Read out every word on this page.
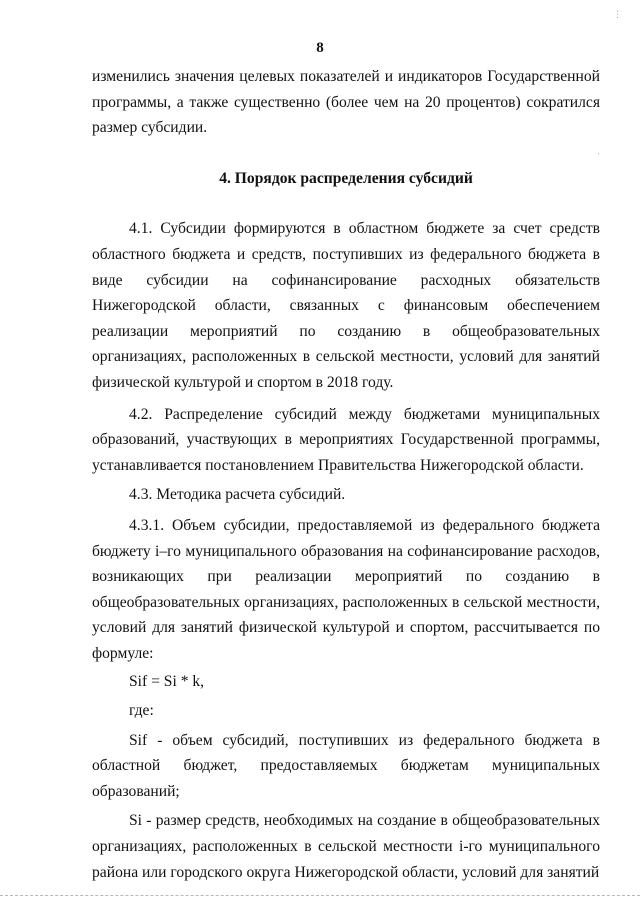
8

изменились значения целевых показателей и индикаторов Государственной программы, а также существенно (более чем на 20 процентов) сократился размер субсидии.

4. Порядок распределения субсидий

4.1. Субсидии формируются в областном бюджете за счет средств областного бюджета и средств, поступивших из федерального бюджета в виде субсидии на софинансирование расходных обязательств Нижегородской области, связанных с финансовым обеспечением реализации мероприятий по созданию в общеобразовательных организациях, расположенных в сельской местности, условий для занятий физической культурой и спортом в 2018 году.

4.2. Распределение субсидий между бюджетами муниципальных образований, участвующих в мероприятиях Государственной программы, устанавливается постановлением Правительства Нижегородской области.

4.3. Методика расчета субсидий.

4.3.1. Объем субсидии, предоставляемой из федерального бюджета бюджету i–го муниципального образования на софинансирование расходов, возникающих при реализации мероприятий по созданию в общеобразовательных организациях, расположенных в сельской местности, условий для занятий физической культурой и спортом, рассчитывается по формуле:

Sif = Si * k,

где:

Sif - объем субсидий, поступивших из федерального бюджета в областной бюджет, предоставляемых бюджетам муниципальных образований;

Si - размер средств, необходимых на создание в общеобразовательных организациях, расположенных в сельской местности i-го муниципального района или городского округа Нижегородской области, условий для занятий

⋮
·
